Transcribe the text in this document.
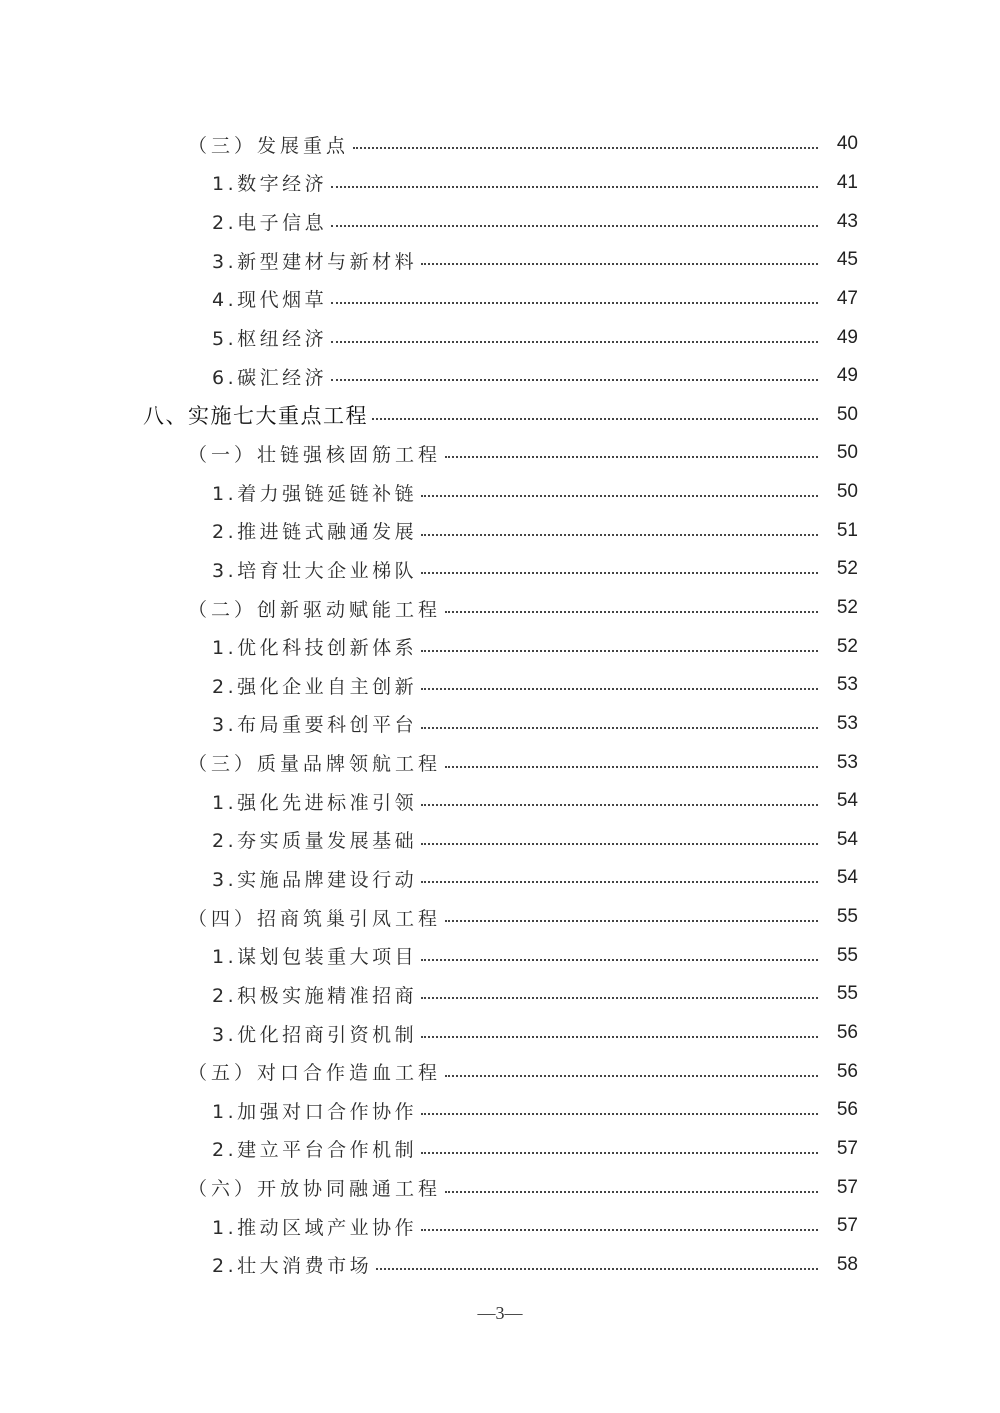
（三）发展重点	40
1.数字经济	41
2.电子信息	43
3.新型建材与新材料	45
4.现代烟草	47
5.枢纽经济	49
6.碳汇经济	49
八、实施七大重点工程	50
（一）壮链强核固筋工程	50
1.着力强链延链补链	50
2.推进链式融通发展	51
3.培育壮大企业梯队	52
（二）创新驱动赋能工程	52
1.优化科技创新体系	52
2.强化企业自主创新	53
3.布局重要科创平台	53
（三）质量品牌领航工程	53
1.强化先进标准引领	54
2.夯实质量发展基础	54
3.实施品牌建设行动	54
（四）招商筑巢引凤工程	55
1.谋划包装重大项目	55
2.积极实施精准招商	55
3.优化招商引资机制	56
（五）对口合作造血工程	56
1.加强对口合作协作	56
2.建立平台合作机制	57
（六）开放协同融通工程	57
1.推动区域产业协作	57
2.壮大消费市场	58
—3—
